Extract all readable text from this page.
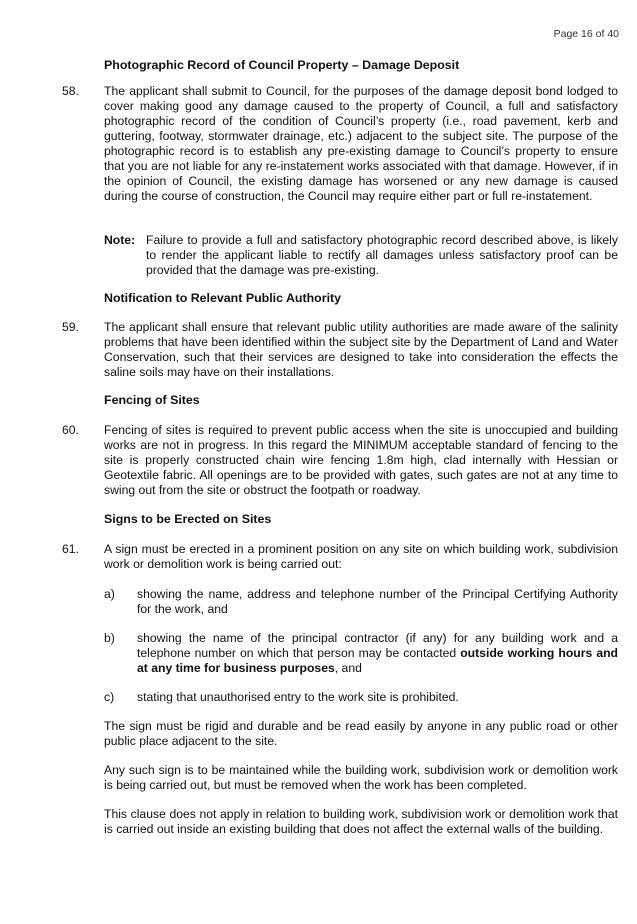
Page 16 of 40
Photographic Record of Council Property – Damage Deposit
58. The applicant shall submit to Council, for the purposes of the damage deposit bond lodged to cover making good any damage caused to the property of Council, a full and satisfactory photographic record of the condition of Council’s property (i.e., road pavement, kerb and guttering, footway, stormwater drainage, etc.) adjacent to the subject site. The purpose of the photographic record is to establish any pre-existing damage to Council’s property to ensure that you are not liable for any re-instatement works associated with that damage. However, if in the opinion of Council, the existing damage has worsened or any new damage is caused during the course of construction, the Council may require either part or full re-instatement.
Note: Failure to provide a full and satisfactory photographic record described above, is likely to render the applicant liable to rectify all damages unless satisfactory proof can be provided that the damage was pre-existing.
Notification to Relevant Public Authority
59. The applicant shall ensure that relevant public utility authorities are made aware of the salinity problems that have been identified within the subject site by the Department of Land and Water Conservation, such that their services are designed to take into consideration the effects the saline soils may have on their installations.
Fencing of Sites
60. Fencing of sites is required to prevent public access when the site is unoccupied and building works are not in progress. In this regard the MINIMUM acceptable standard of fencing to the site is properly constructed chain wire fencing 1.8m high, clad internally with Hessian or Geotextile fabric. All openings are to be provided with gates, such gates are not at any time to swing out from the site or obstruct the footpath or roadway.
Signs to be Erected on Sites
61. A sign must be erected in a prominent position on any site on which building work, subdivision work or demolition work is being carried out:
a) showing the name, address and telephone number of the Principal Certifying Authority for the work, and
b) showing the name of the principal contractor (if any) for any building work and a telephone number on which that person may be contacted outside working hours and at any time for business purposes, and
c) stating that unauthorised entry to the work site is prohibited.
The sign must be rigid and durable and be read easily by anyone in any public road or other public place adjacent to the site.
Any such sign is to be maintained while the building work, subdivision work or demolition work is being carried out, but must be removed when the work has been completed.
This clause does not apply in relation to building work, subdivision work or demolition work that is carried out inside an existing building that does not affect the external walls of the building.
